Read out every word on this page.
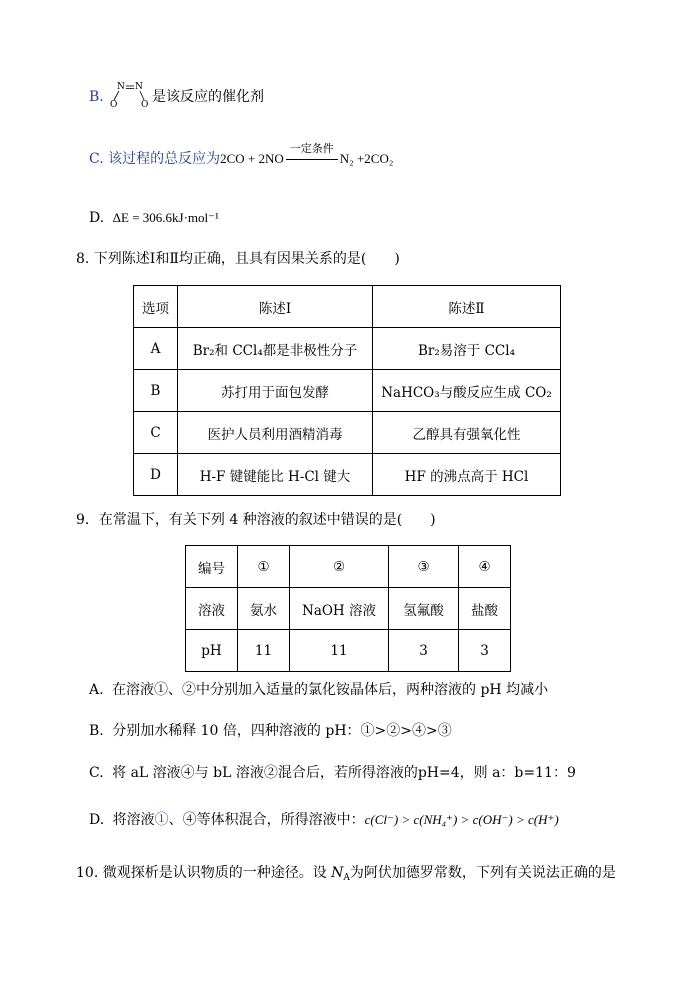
B.
N N
O	O 是该反应的催化剂
C. 该过程的总反应为2CO + 2NO
一定条件
N₂ +2CO₂
D. ΔE = 306.6kJ·mol⁻¹
8. 下列陈述Ⅰ和Ⅱ均正确，且具有因果关系的是(　　)
选项	陈述Ⅰ	陈述Ⅱ
A	Br₂和 CCl₄都是非极性分子	Br₂易溶于 CCl₄
B	苏打用于面包发酵	NaHCO₃与酸反应生成 CO₂
C	医护人员利用酒精消毒	乙醇具有强氧化性
D	H-F 键键能比 H-Cl 键大	HF 的沸点高于 HCl
9．在常温下，有关下列 4 种溶液的叙述中错误的是(　　)
编号	①	②	③	④
溶液	氨水	NaOH 溶液	氢氟酸	盐酸
pH	11	11	3	3
A. 在溶液①、②中分别加入适量的氯化铵晶体后，两种溶液的 pH 均减小
B. 分别加水稀释 10 倍，四种溶液的 pH：①>②>④>③
C. 将 aL 溶液④与 bL 溶液②混合后，若所得溶液的pH=4，则 a：b=11：9
D. 将溶液①、④等体积混合，所得溶液中：c(Cl⁻) > c(NH₄⁺) > c(OH⁻) > c(H⁺)
10. 微观探析是认识物质的一种途径。设 $N_A$为阿伏加德罗常数，下列有关说法正确的是
